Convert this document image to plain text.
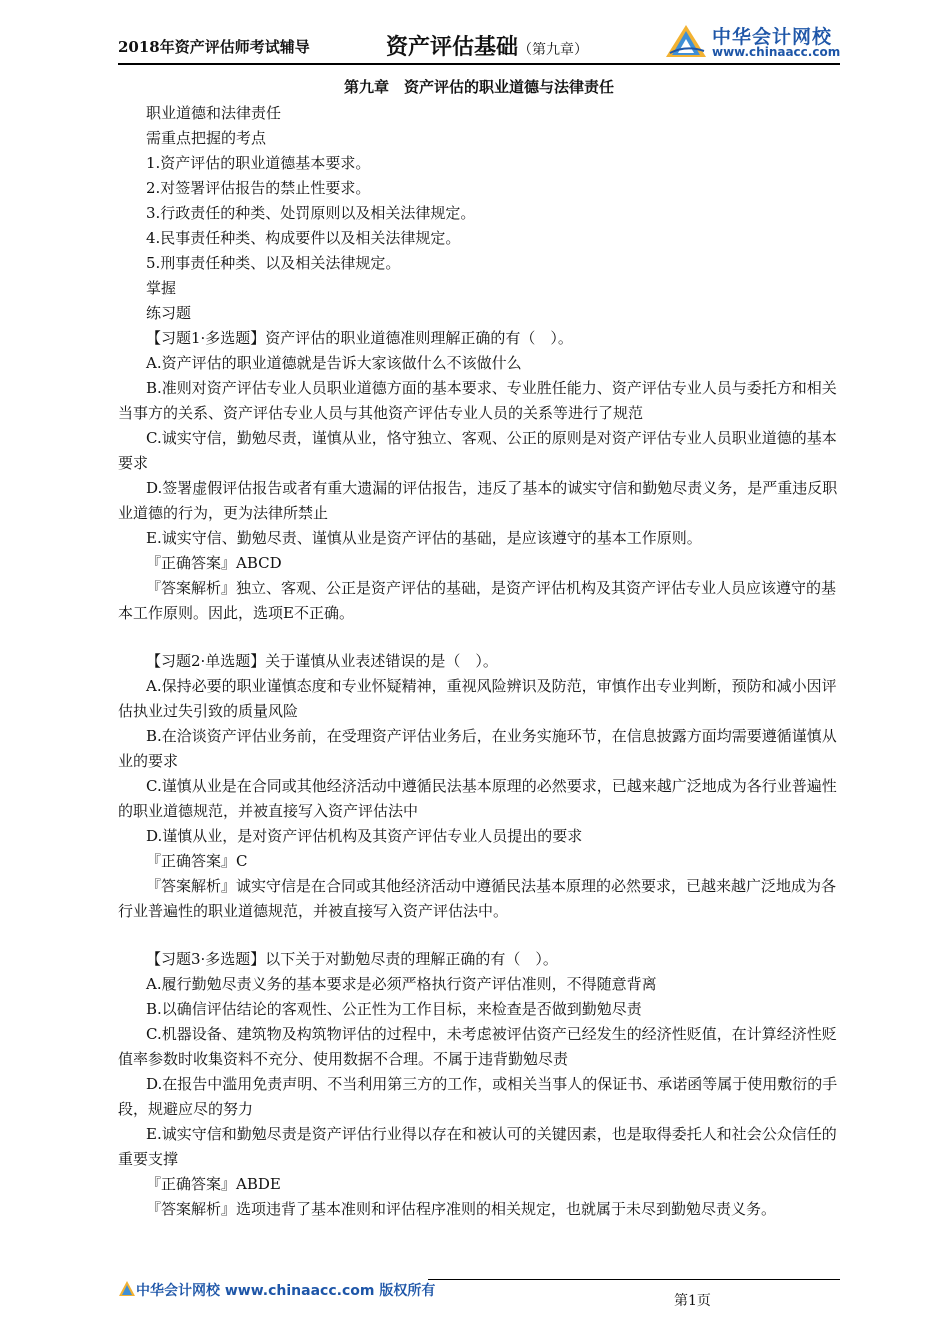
2018年资产评估师考试辅导	资产评估基础（第九章）
中华会计网校
www.chinaacc.com
第九章　资产评估的职业道德与法律责任

职业道德和法律责任

需重点把握的考点

1.资产评估的职业道德基本要求。

2.对签署评估报告的禁止性要求。

3.行政责任的种类、处罚原则以及相关法律规定。

4.民事责任种类、构成要件以及相关法律规定。

5.刑事责任种类、以及相关法律规定。

掌握

练习题

【习题1·多选题】资产评估的职业道德准则理解正确的有（　）。

A.资产评估的职业道德就是告诉大家该做什么不该做什么

B.准则对资产评估专业人员职业道德方面的基本要求、专业胜任能力、资产评估专业人员与委托方和相关当事方的关系、资产评估专业人员与其他资产评估专业人员的关系等进行了规范

C.诚实守信，勤勉尽责，谨慎从业，恪守独立、客观、公正的原则是对资产评估专业人员职业道德的基本要求

D.签署虚假评估报告或者有重大遗漏的评估报告，违反了基本的诚实守信和勤勉尽责义务，是严重违反职业道德的行为，更为法律所禁止

E.诚实守信、勤勉尽责、谨慎从业是资产评估的基础，是应该遵守的基本工作原则。

『正确答案』ABCD

『答案解析』独立、客观、公正是资产评估的基础，是资产评估机构及其资产评估专业人员应该遵守的基本工作原则。因此，选项E不正确。

【习题2·单选题】关于谨慎从业表述错误的是（　）。

A.保持必要的职业谨慎态度和专业怀疑精神，重视风险辨识及防范，审慎作出专业判断，预防和减小因评估执业过失引致的质量风险

B.在洽谈资产评估业务前，在受理资产评估业务后，在业务实施环节，在信息披露方面均需要遵循谨慎从业的要求

C.谨慎从业是在合同或其他经济活动中遵循民法基本原理的必然要求，已越来越广泛地成为各行业普遍性的职业道德规范，并被直接写入资产评估法中

D.谨慎从业，是对资产评估机构及其资产评估专业人员提出的要求

『正确答案』C

『答案解析』诚实守信是在合同或其他经济活动中遵循民法基本原理的必然要求，已越来越广泛地成为各行业普遍性的职业道德规范，并被直接写入资产评估法中。

【习题3·多选题】以下关于对勤勉尽责的理解正确的有（　）。

A.履行勤勉尽责义务的基本要求是必须严格执行资产评估准则，不得随意背离

B.以确信评估结论的客观性、公正性为工作目标，来检查是否做到勤勉尽责

C.机器设备、建筑物及构筑物评估的过程中，未考虑被评估资产已经发生的经济性贬值，在计算经济性贬值率参数时收集资料不充分、使用数据不合理。不属于违背勤勉尽责

D.在报告中滥用免责声明、不当利用第三方的工作，或相关当事人的保证书、承诺函等属于使用敷衍的手段，规避应尽的努力

E.诚实守信和勤勉尽责是资产评估行业得以存在和被认可的关键因素，也是取得委托人和社会公众信任的重要支撑

『正确答案』ABDE

『答案解析』选项违背了基本准则和评估程序准则的相关规定，也就属于未尽到勤勉尽责义务。

中华会计网校 www.chinaacc.com 版权所有
第1页
